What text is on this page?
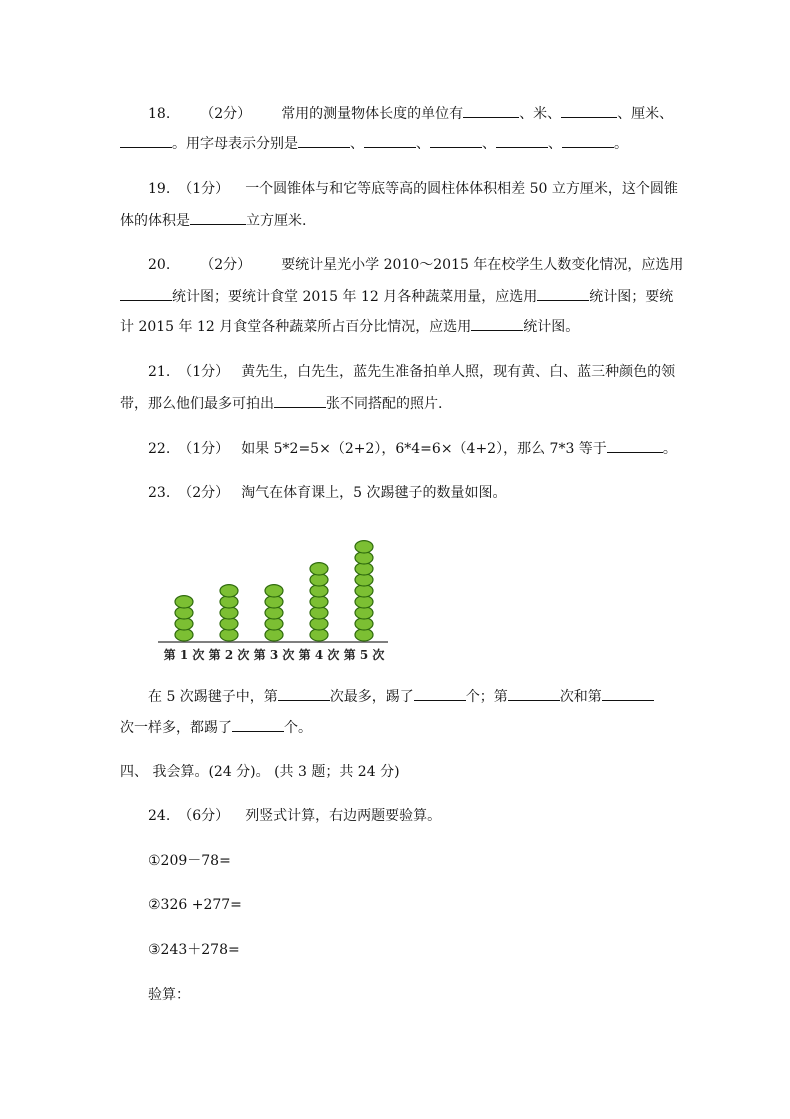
18. （2分） 常用的测量物体长度的单位有	、米、	、厘米、
。用字母表示分别是	、	、	、	、	。
19. （1分） 一个圆锥体与和它等底等高的圆柱体体积相差 50 立方厘米，这个圆锥
体的体积是	立方厘米.
20. （2分） 要统计星光小学 2010～2015 年在校学生人数变化情况，应选用
统计图；要统计食堂 2015 年 12 月各种蔬菜用量，应选用	统计图；要统
计 2015 年 12 月食堂各种蔬菜所占百分比情况，应选用	统计图。
21. （1分） 黄先生，白先生，蓝先生准备拍单人照，现有黄、白、蓝三种颜色的领
带，那么他们最多可拍出	张不同搭配的照片.
22. （1分） 如果 5*2=5×（2+2），6*4=6×（4+2），那么 7*3 等于	。
23. （2分） 淘气在体育课上，5 次踢毽子的数量如图。
第 1 次 第 2 次 第 3 次 第 4 次 第 5 次
在 5 次踢毽子中，第	次最多，踢了	个；第	次和第
次一样多，都踢了	个。
四、 我会算。(24 分)。 (共 3 题；共 24 分)
24. （6分） 列竖式计算，右边两题要验算。
①209－78=
②326 +277=
③243＋278=
验算：
